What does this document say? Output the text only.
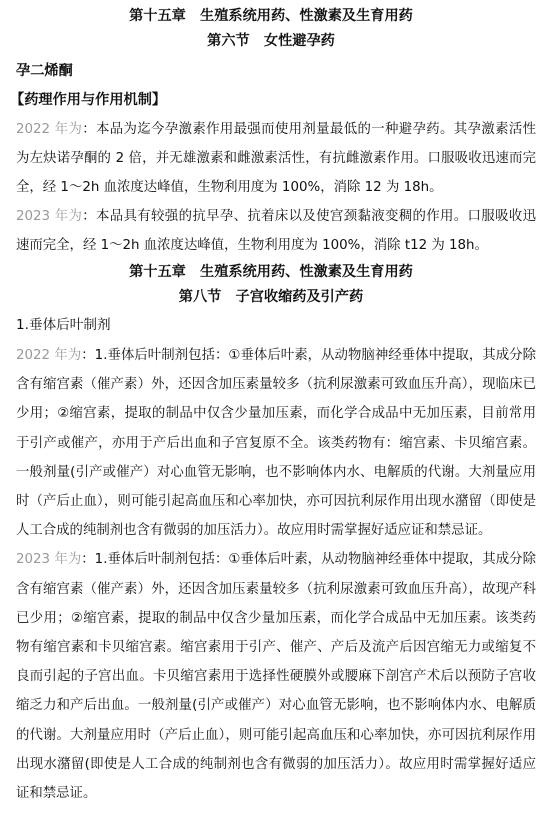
第十五章　生殖系统用药、性激素及生育用药
第六节　女性避孕药
孕二烯酮
【药理作用与作用机制】
2022 年为：本品为迄今孕激素作用最强而使用剂量最低的一种避孕药。其孕激素活性为左炔诺孕酮的 2 倍，并无雄激素和雌激素活性，有抗雌激素作用。口服吸收迅速而完全，经 1～2h 血浓度达峰值，生物利用度为 100%，消除 12 为 18h。
2023 年为：本品具有较强的抗早孕、抗着床以及使宫颈黏液变稠的作用。口服吸收迅速而完全，经 1～2h 血浓度达峰值，生物利用度为 100%，消除 t12 为 18h。
第十五章　生殖系统用药、性激素及生育用药
第八节　子宫收缩药及引产药
1.垂体后叶制剂
2022 年为：1.垂体后叶制剂包括：①垂体后叶素，从动物脑神经垂体中提取，其成分除含有缩宫素（催产素）外，还因含加压素量较多（抗利尿激素可致血压升高），现临床已少用；②缩宫素，提取的制品中仅含少量加压素，而化学合成品中无加压素，目前常用于引产或催产，亦用于产后出血和子宫复原不全。该类药物有：缩宫素、卡贝缩宫素。一般剂量(引产或催产）对心血管无影响，也不影响体内水、电解质的代谢。大剂量应用时（产后止血），则可能引起高血压和心率加快，亦可因抗利尿作用出现水潴留（即使是人工合成的纯制剂也含有微弱的加压活力）。故应用时需掌握好适应证和禁忌证。
2023 年为：1.垂体后叶制剂包括：①垂体后叶素，从动物脑神经垂体中提取，其成分除含有缩宫素（催产素）外，还因含加压素量较多（抗利尿激素可致血压升高），故现产科已少用；②缩宫素，提取的制品中仅含少量加压素，而化学合成品中无加压素。该类药物有缩宫素和卡贝缩宫素。缩宫素用于引产、催产、产后及流产后因宫缩无力或缩复不良而引起的子宫出血。卡贝缩宫素用于选择性硬膜外或腰麻下剖宫产术后以预防子宫收缩乏力和产后出血。一般剂量(引产或催产）对心血管无影响，也不影响体内水、电解质的代谢。大剂量应用时（产后止血），则可能引起高血压和心率加快，亦可因抗利尿作用出现水潴留(即使是人工合成的纯制剂也含有微弱的加压活力）。故应用时需掌握好适应证和禁忌证。
